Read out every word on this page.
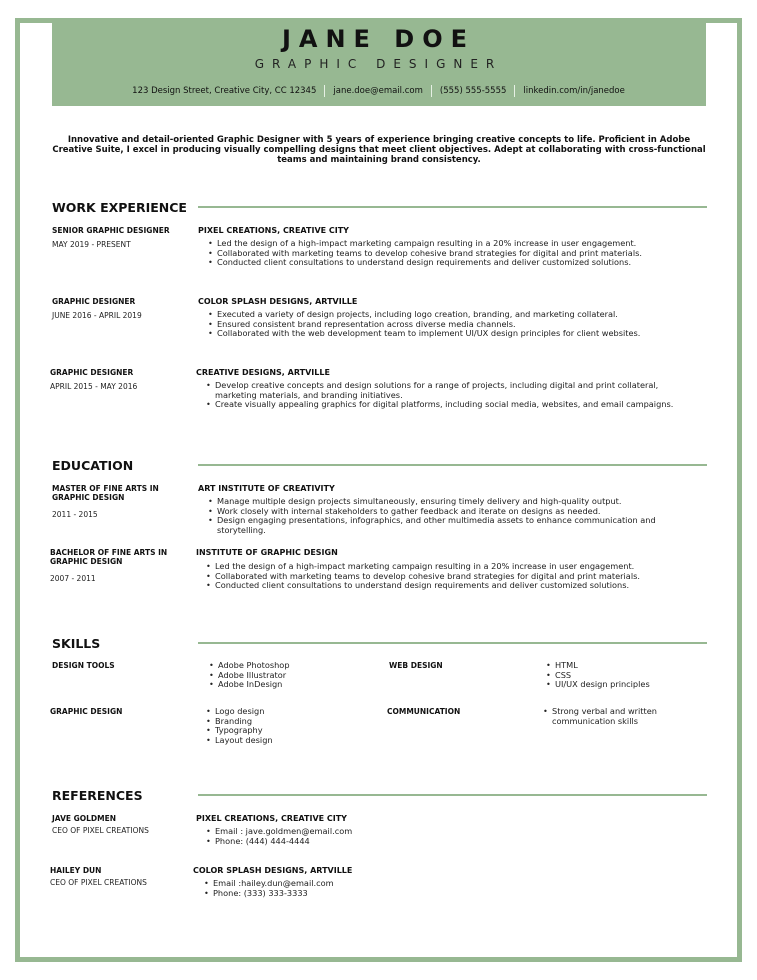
JANE DOE
GRAPHIC DESIGNER
123 Design Street, Creative City, CC 12345	jane.doe@email.com	(555) 555-5555	linkedin.com/in/janedoe
Innovative and detail-oriented Graphic Designer with 5 years of experience bringing creative concepts to life. Proficient in Adobe Creative Suite, I excel in producing visually compelling designs that meet client objectives. Adept at collaborating with cross-functional teams and maintaining brand consistency.
WORK EXPERIENCE
SENIOR GRAPHIC DESIGNER
MAY 2019 - PRESENT
PIXEL CREATIONS, CREATIVE CITY
• Led the design of a high-impact marketing campaign resulting in a 20% increase in user engagement.
• Collaborated with marketing teams to develop cohesive brand strategies for digital and print materials.
• Conducted client consultations to understand design requirements and deliver customized solutions.
GRAPHIC DESIGNER
JUNE 2016 - APRIL 2019
COLOR SPLASH DESIGNS, ARTVILLE
• Executed a variety of design projects, including logo creation, branding, and marketing collateral.
• Ensured consistent brand representation across diverse media channels.
• Collaborated with the web development team to implement UI/UX design principles for client websites.
GRAPHIC DESIGNER
APRIL 2015 - MAY 2016
CREATIVE DESIGNS, ARTVILLE
• Develop creative concepts and design solutions for a range of projects, including digital and print collateral, marketing materials, and branding initiatives.
• Create visually appealing graphics for digital platforms, including social media, websites, and email campaigns.
EDUCATION
MASTER OF FINE ARTS IN GRAPHIC DESIGN
2011 - 2015
ART INSTITUTE OF CREATIVITY
• Manage multiple design projects simultaneously, ensuring timely delivery and high-quality output.
• Work closely with internal stakeholders to gather feedback and iterate on designs as needed.
• Design engaging presentations, infographics, and other multimedia assets to enhance communication and storytelling.
BACHELOR OF FINE ARTS IN GRAPHIC DESIGN
2007 - 2011
INSTITUTE OF GRAPHIC DESIGN
• Led the design of a high-impact marketing campaign resulting in a 20% increase in user engagement.
• Collaborated with marketing teams to develop cohesive brand strategies for digital and print materials.
• Conducted client consultations to understand design requirements and deliver customized solutions.
SKILLS
DESIGN TOOLS	• Adobe Photoshop
• Adobe Illustrator
• Adobe InDesign
WEB DESIGN	• HTML
• CSS
• UI/UX design principles
GRAPHIC DESIGN	• Logo design
• Branding
• Typography
• Layout design
COMMUNICATION	• Strong verbal and written communication skills
REFERENCES
JAVE GOLDMEN
CEO OF PIXEL CREATIONS
PIXEL CREATIONS, CREATIVE CITY
• Email : jave.goldmen@email.com
• Phone: (444) 444-4444
HAILEY DUN
CEO OF PIXEL CREATIONS
COLOR SPLASH DESIGNS, ARTVILLE
• Email :hailey.dun@email.com
• Phone: (333) 333-3333
